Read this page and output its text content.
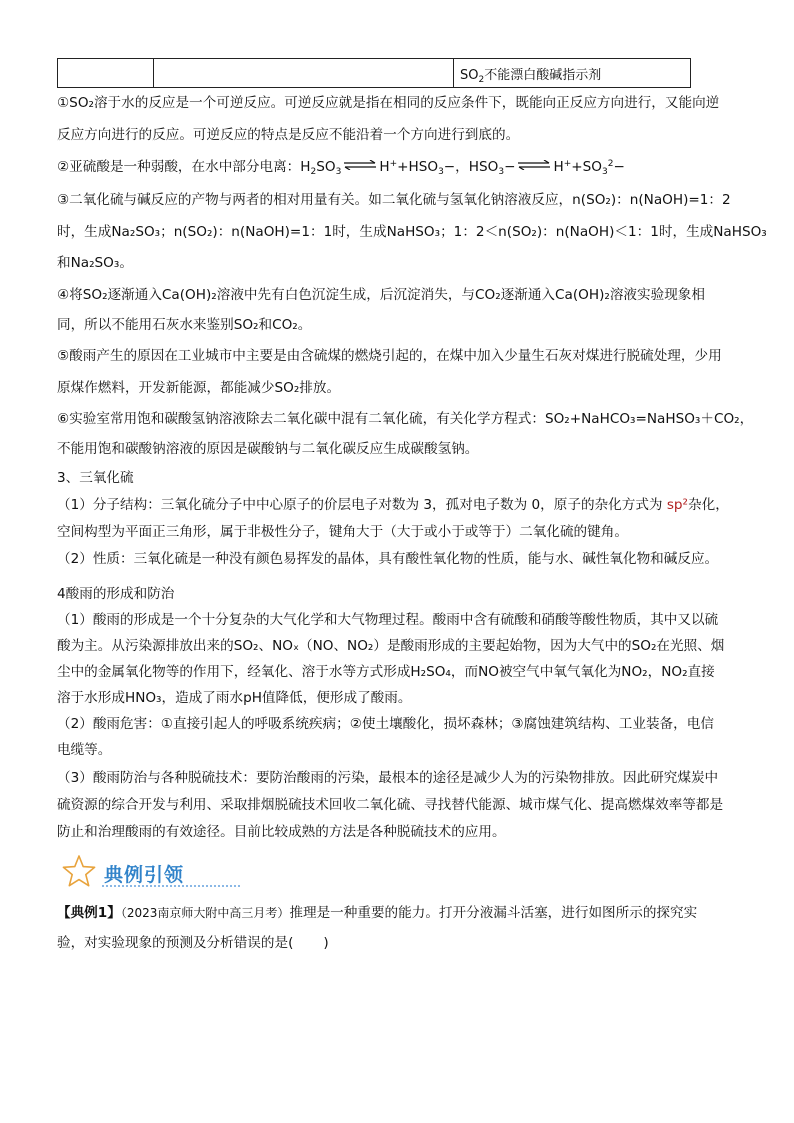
		$SO_2$不能漂白酸碱指示剂
①SO₂溶于水的反应是一个可逆反应。可逆反应就是指在相同的反应条件下，既能向正反应方向进行，又能向逆
反应方向进行的反应。可逆反应的特点是反应不能沿着一个方向进行到底的。
②亚硫酸是一种弱酸，在水中部分电离：$H_2SO_3$ ⇌ $H^++HSO_3-$，$HSO_3-$ ⇌ $H^++SO_3^2-$
③二氧化硫与碱反应的产物与两者的相对用量有关。如二氧化硫与氢氧化钠溶液反应，n(SO₂)：n(NaOH)=1：2
时，生成Na₂SO₃；n(SO₂)：n(NaOH)=1：1时，生成NaHSO₃；1：2＜n(SO₂)：n(NaOH)＜1：1时，生成NaHSO₃
和Na₂SO₃。
④将SO₂逐渐通入Ca(OH)₂溶液中先有白色沉淀生成，后沉淀消失，与CO₂逐渐通入Ca(OH)₂溶液实验现象相
同，所以不能用石灰水来鉴别SO₂和CO₂。
⑤酸雨产生的原因在工业城市中主要是由含硫煤的燃烧引起的，在煤中加入少量生石灰对煤进行脱硫处理，少用
原煤作燃料，开发新能源，都能减少SO₂排放。
⑥实验室常用饱和碳酸氢钠溶液除去二氧化碳中混有二氧化硫，有关化学方程式：SO₂+NaHCO₃=NaHSO₃＋CO₂，
不能用饱和碳酸钠溶液的原因是碳酸钠与二氧化碳反应生成碳酸氢钠。
3、三氧化硫
（1）分子结构：三氧化硫分子中中心原子的价层电子对数为 3，孤对电子数为 0，原子的杂化方式为 sp²杂化，
空间构型为平面正三角形，属于非极性分子，键角大于（大于或小于或等于）二氧化硫的键角。
（2）性质：三氧化硫是一种没有颜色易挥发的晶体，具有酸性氧化物的性质，能与水、碱性氧化物和碱反应。
4酸雨的形成和防治
（1）酸雨的形成是一个十分复杂的大气化学和大气物理过程。酸雨中含有硫酸和硝酸等酸性物质，其中又以硫
酸为主。从污染源排放出来的SO₂、NOₓ（NO、NO₂）是酸雨形成的主要起始物，因为大气中的SO₂在光照、烟
尘中的金属氧化物等的作用下，经氧化、溶于水等方式形成H₂SO₄，而NO被空气中氧气氧化为NO₂，NO₂直接
溶于水形成HNO₃，造成了雨水pH值降低，便形成了酸雨。
（2）酸雨危害：①直接引起人的呼吸系统疾病；②使土壤酸化，损坏森林；③腐蚀建筑结构、工业装备，电信
电缆等。
（3）酸雨防治与各种脱硫技术：要防治酸雨的污染，最根本的途径是减少人为的污染物排放。因此研究煤炭中
硫资源的综合开发与利用、采取排烟脱硫技术回收二氧化硫、寻找替代能源、城市煤气化、提高燃煤效率等都是
防止和治理酸雨的有效途径。目前比较成熟的方法是各种脱硫技术的应用。
典例引领
【典例1】（2023南京师大附中高三月考）推理是一种重要的能力。打开分液漏斗活塞，进行如图所示的探究实
验，对实验现象的预测及分析错误的是( )
